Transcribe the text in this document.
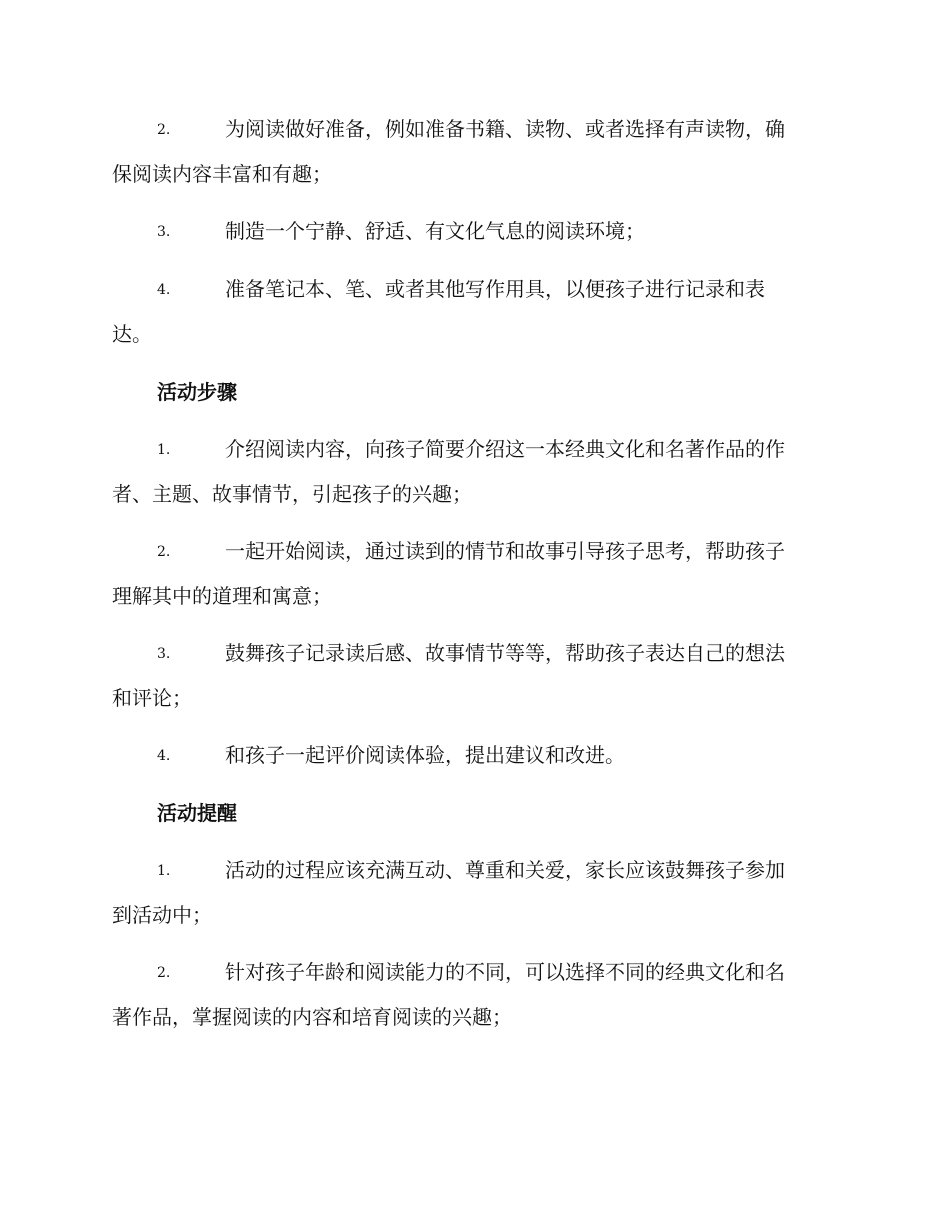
2.	为阅读做好准备，例如准备书籍、读物、或者选择有声读物，确
保阅读内容丰富和有趣；
3.	制造一个宁静、舒适、有文化气息的阅读环境；
4.	准备笔记本、笔、或者其他写作用具，以便孩子进行记录和表
达。
活动步骤
1.	介绍阅读内容，向孩子简要介绍这一本经典文化和名著作品的作
者、主题、故事情节，引起孩子的兴趣；
2.	一起开始阅读，通过读到的情节和故事引导孩子思考，帮助孩子
理解其中的道理和寓意；
3.	鼓舞孩子记录读后感、故事情节等等，帮助孩子表达自己的想法
和评论；
4.	和孩子一起评价阅读体验，提出建议和改进。
活动提醒
1.	活动的过程应该充满互动、尊重和关爱，家长应该鼓舞孩子参加
到活动中；
2.	针对孩子年龄和阅读能力的不同，可以选择不同的经典文化和名
著作品，掌握阅读的内容和培育阅读的兴趣；
